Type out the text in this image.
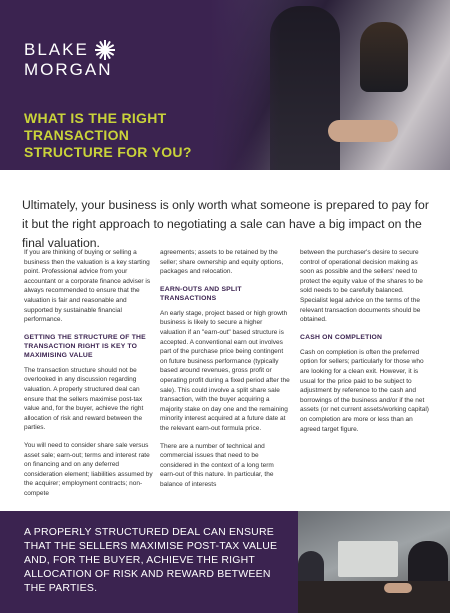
BLAKE
MORGAN
WHAT IS THE RIGHT TRANSACTION STRUCTURE FOR YOU?

Ultimately, your business is only worth what someone is prepared to pay for it but the right approach to negotiating a sale can have a big impact on the final valuation.

If you are thinking of buying or selling a business then the valuation is a key starting point. Professional advice from your accountant or a corporate finance adviser is always recommended to ensure that the valuation is fair and reasonable and supported by sustainable financial performance.

GETTING THE STRUCTURE OF THE TRANSACTION RIGHT IS KEY TO MAXIMISING VALUE

The transaction structure should not be overlooked in any discussion regarding valuation. A properly structured deal can ensure that the sellers maximise post-tax value and, for the buyer, achieve the right allocation of risk and reward between the parties.

You will need to consider share sale versus asset sale; earn-out; terms and interest rate on financing and on any deferred consideration element; liabilities assumed by the acquirer; employment contracts; non-compete

agreements; assets to be retained by the seller; share ownership and equity options, packages and relocation.

EARN-OUTS AND SPLIT TRANSACTIONS

An early stage, project based or high growth business is likely to secure a higher valuation if an "earn-out" based structure is accepted. A conventional earn out involves part of the purchase price being contingent on future business performance (typically based around revenues, gross profit or operating profit during a fixed period after the sale). This could involve a split share sale transaction, with the buyer acquiring a majority stake on day one and the remaining minority interest acquired at a future date at the relevant earn-out formula price.

There are a number of technical and commercial issues that need to be considered in the context of a long term earn-out of this nature. In particular, the balance of interests

between the purchaser's desire to secure control of operational decision making as soon as possible and the sellers' need to protect the equity value of the shares to be sold needs to be carefully balanced. Specialist legal advice on the terms of the relevant transaction documents should be obtained.

CASH ON COMPLETION

Cash on completion is often the preferred option for sellers; particularly for those who are looking for a clean exit. However, it is usual for the price paid to be subject to adjustment by reference to the cash and borrowings of the business and/or if the net assets (or net current assets/working capital) on completion are more or less than an agreed target figure.

A PROPERLY STRUCTURED DEAL CAN ENSURE THAT THE SELLERS MAXIMISE POST-TAX VALUE AND, FOR THE BUYER, ACHIEVE THE RIGHT ALLOCATION OF RISK AND REWARD BETWEEN THE PARTIES.
